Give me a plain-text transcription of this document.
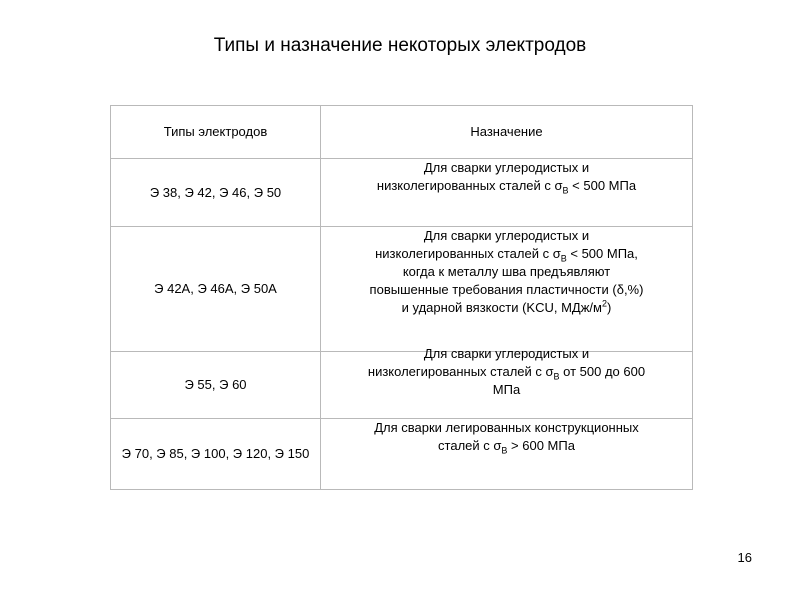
Типы и назначение некоторых электродов
Типы электродов	Назначение
Э 38, Э 42, Э 46, Э 50	Для сварки углеродистых и
низколегированных сталей с $\sigma_B < 500$ МПа

Э 42А, Э 46А, Э 50А	Для сварки углеродистых и
низколегированных сталей с $\sigma_B < 500$ МПа,
когда к металлу шва предъявляют
повышенные требования пластичности (δ,%)
и ударной вязкости (KCU, МДж/$м^2$)

Э 55, Э 60	Для сварки углеродистых и
низколегированных сталей с $\sigma_B$ от 500 до 600
МПа

Э 70, Э 85, Э 100, Э 120, Э 150	Для сварки легированных конструкционных
сталей с $\sigma_B > 600$ МПа
16
